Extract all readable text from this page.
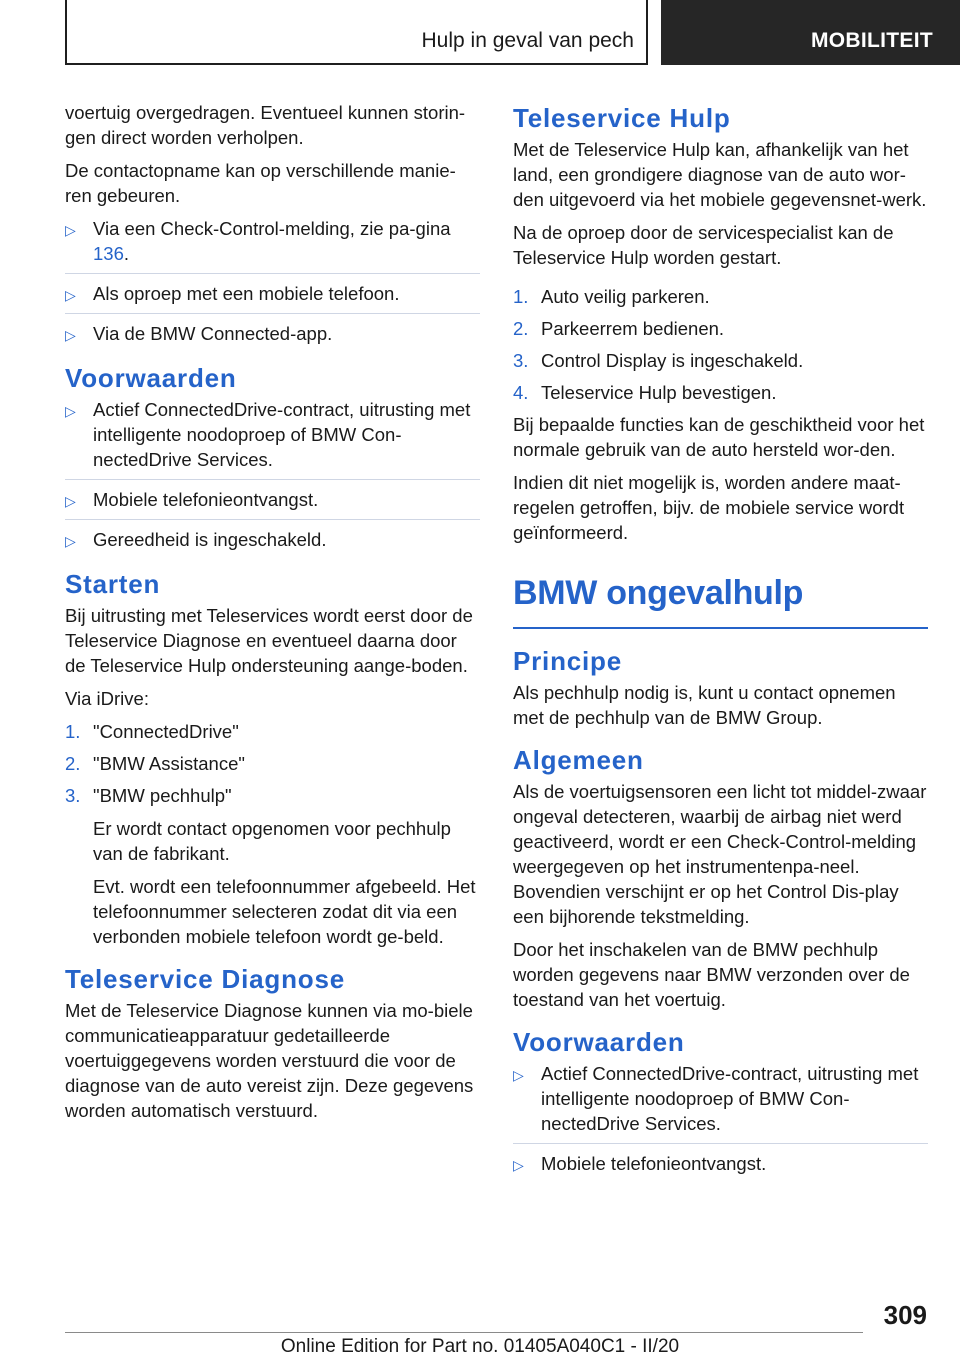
Hulp in geval van pech	MOBILITEIT

voertuig overgedragen. Eventueel kunnen storin-gen direct worden verholpen.

De contactopname kan op verschillende manie-ren gebeuren.

▷ Via een Check-Control-melding, zie pa-gina 136.
▷ Als oproep met een mobiele telefoon.
▷ Via de BMW Connected-app.
Voorwaarden
▷ Actief ConnectedDrive-contract, uitrusting met intelligente noodoproep of BMW Con-nectedDrive Services.
▷ Mobiele telefonieontvangst.
▷ Gereedheid is ingeschakeld.
Starten

Bij uitrusting met Teleservices wordt eerst door de Teleservice Diagnose en eventueel daarna door de Teleservice Hulp ondersteuning aange-boden.

Via iDrive:

1. "ConnectedDrive"
2. "BMW Assistance"
3. "BMW pechhulp"

Er wordt contact opgenomen voor pechhulp van de fabrikant.

Evt. wordt een telefoonnummer afgebeeld. Het telefoonnummer selecteren zodat dit via een verbonden mobiele telefoon wordt ge-beld.

Teleservice Diagnose

Met de Teleservice Diagnose kunnen via mo-biele communicatieapparatuur gedetailleerde voertuiggegevens worden verstuurd die voor de diagnose van de auto vereist zijn. Deze gegevens worden automatisch verstuurd.

Teleservice Hulp

Met de Teleservice Hulp kan, afhankelijk van het land, een grondigere diagnose van de auto wor-den uitgevoerd via het mobiele gegevensnet-werk.

Na de oproep door de servicespecialist kan de Teleservice Hulp worden gestart.

1. Auto veilig parkeren.
2. Parkeerrem bedienen.
3. Control Display is ingeschakeld.
4. Teleservice Hulp bevestigen.

Bij bepaalde functies kan de geschiktheid voor het normale gebruik van de auto hersteld wor-den.

Indien dit niet mogelijk is, worden andere maat-regelen getroffen, bijv. de mobiele service wordt geïnformeerd.

BMW ongevalhulp
Principe

Als pechhulp nodig is, kunt u contact opnemen met de pechhulp van de BMW Group.

Algemeen

Als de voertuigsensoren een licht tot middel-zwaar ongeval detecteren, waarbij de airbag niet werd geactiveerd, wordt er een Check-Control-melding weergegeven op het instrumentenpa-neel. Bovendien verschijnt er op het Control Dis-play een bijhorende tekstmelding.

Door het inschakelen van de BMW pechhulp worden gegevens naar BMW verzonden over de toestand van het voertuig.

Voorwaarden
▷ Actief ConnectedDrive-contract, uitrusting met intelligente noodoproep of BMW Con-nectedDrive Services.
▷ Mobiele telefonieontvangst.
309
Online Edition for Part no. 01405A040C1 - II/20
